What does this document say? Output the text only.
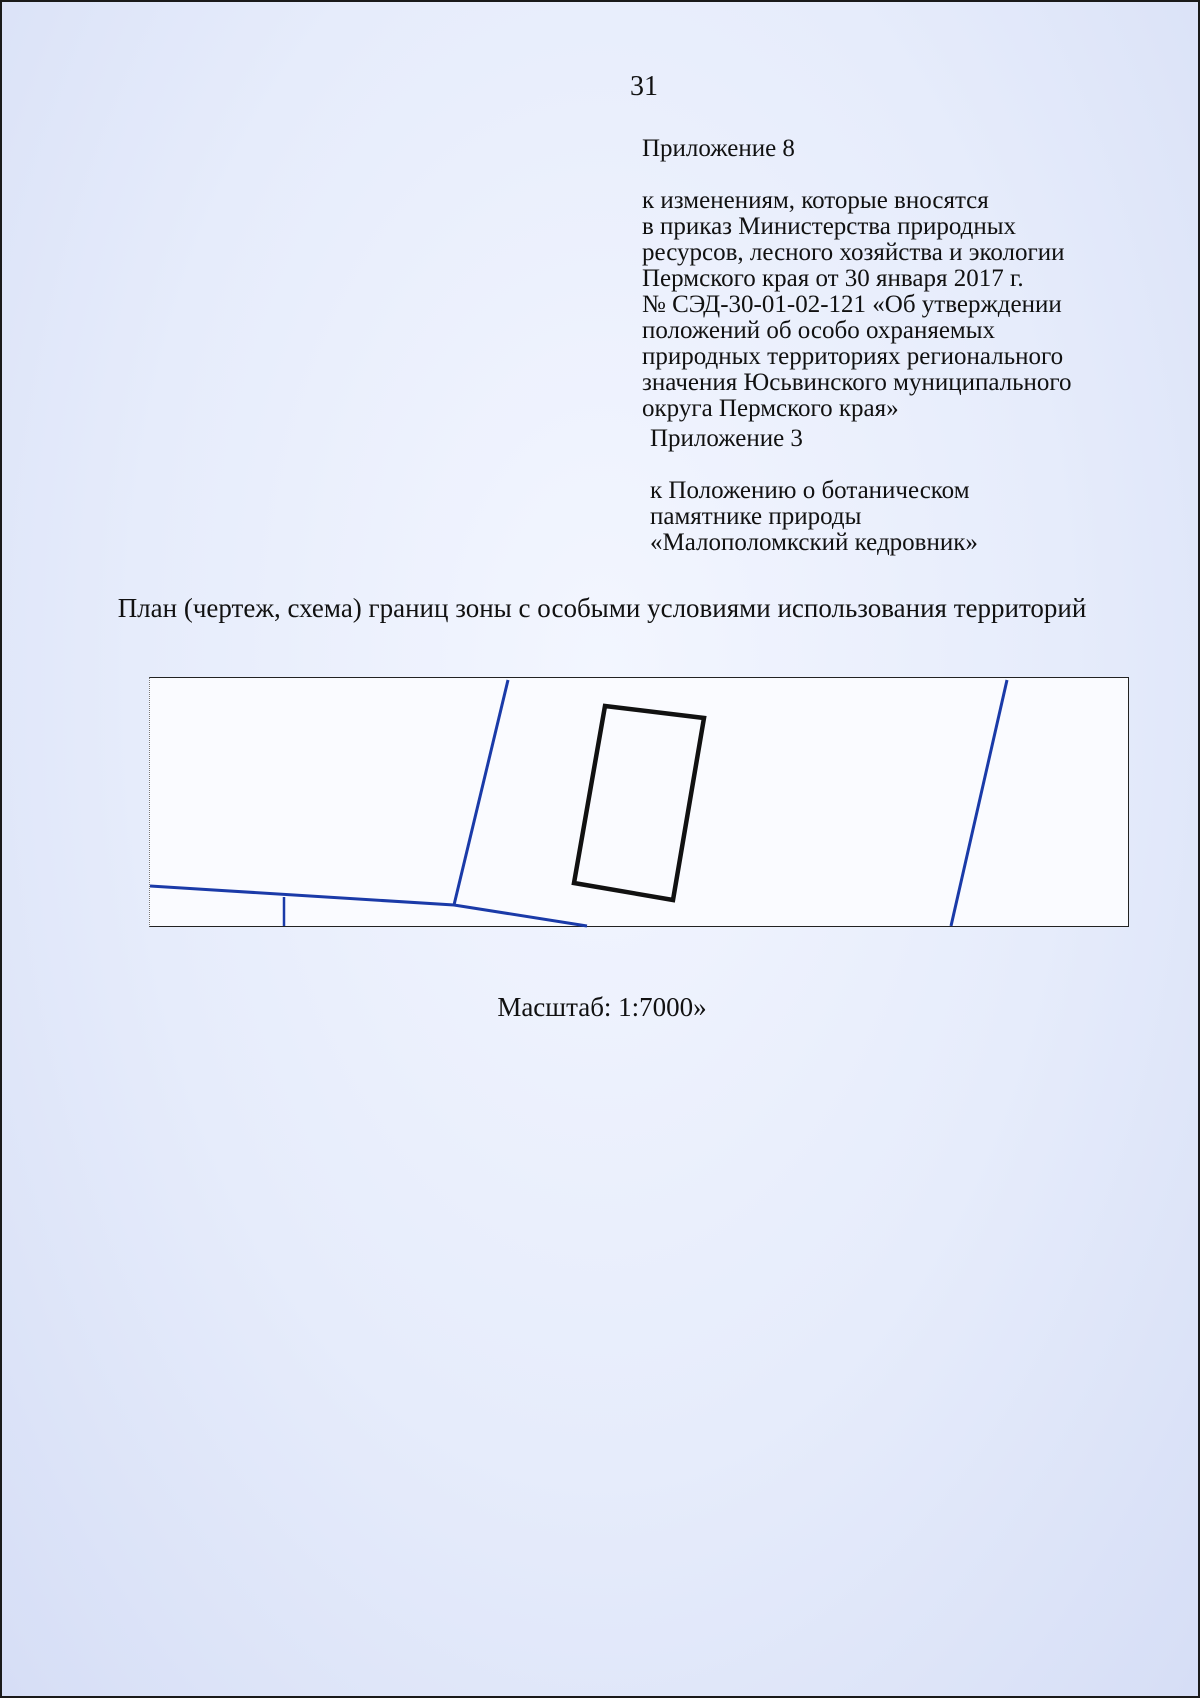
31

Приложение 8

к изменениям, которые вносятся
в приказ Министерства природных
ресурсов, лесного хозяйства и экологии
Пермского края от 30 января 2017 г.
№ СЭД-30-01-02-121 «Об утверждении
положений об особо охраняемых
природных территориях регионального
значения Юсьвинского муниципального
округа Пермского края»

Приложение 3

к Положению о ботаническом
памятнике природы
«Малополомкский кедровник»

План (чертеж, схема) границ зоны с особыми условиями использования территорий
Масштаб: 1:7000»
